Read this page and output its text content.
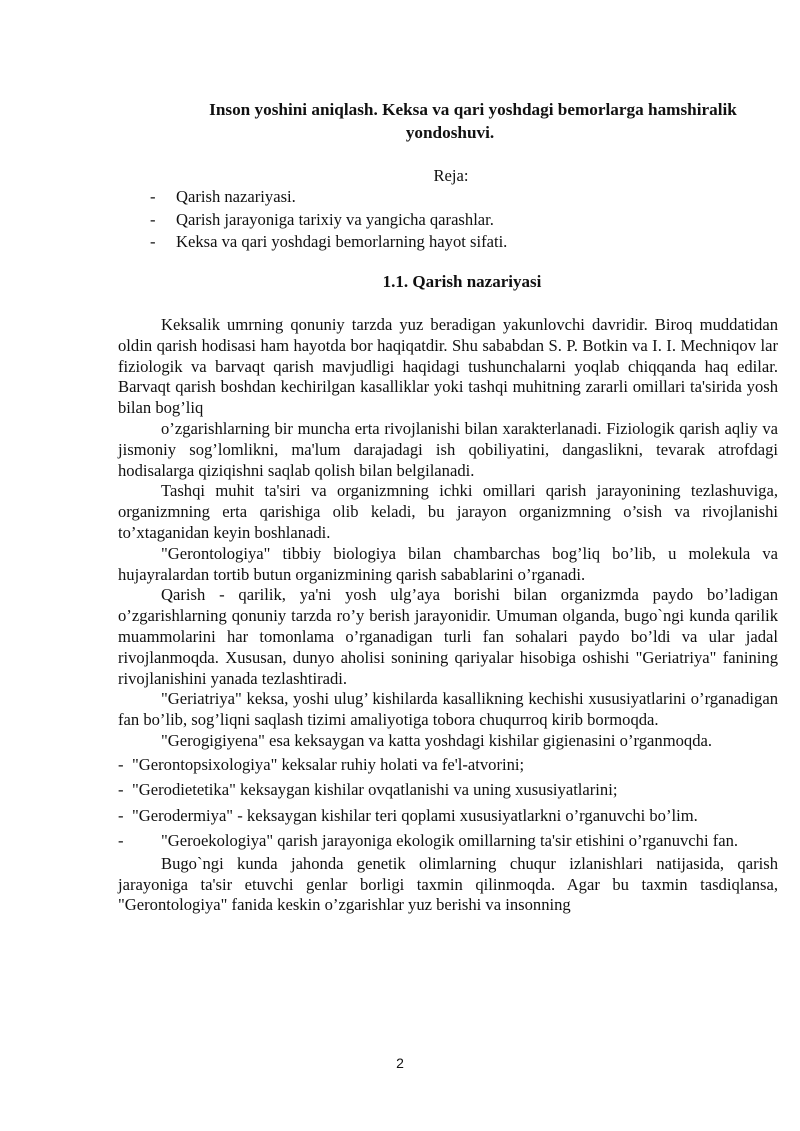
Inson yoshini aniqlash. Keksa va qari yoshdagi bemorlarga hamshiralik
yondoshuvi.
Reja:
- Qarish nazariyasi.
- Qarish jarayoniga tarixiy va yangicha qarashlar.
- Keksa va qari yoshdagi bemorlarning hayot sifati.
1.1. Qarish nazariyasi

Keksalik umrning qonuniy tarzda yuz beradigan yakunlovchi davridir. Biroq muddatidan oldin qarish hodisasi ham hayotda bor haqiqatdir. Shu sababdan S. P. Botkin va I. I. Mechniqov lar fiziologik va barvaqt qarish mavjudligi haqidagi tushunchalarni yoqlab chiqqanda haq edilar. Barvaqt qarish boshdan kechirilgan kasalliklar yoki tashqi muhitning zararli omillari ta'sirida yosh bilan bog’liq

o’zgarishlarning bir muncha erta rivojlanishi bilan xarakterlanadi. Fiziologik qarish aqliy va jismoniy sog’lomlikni, ma'lum darajadagi ish qobiliyatini, dangaslikni, tevarak atrofdagi hodisalarga qiziqishni saqlab qolish bilan belgilanadi.

Tashqi muhit ta'siri va organizmning ichki omillari qarish jarayonining tezlashuviga, organizmning erta qarishiga olib keladi, bu jarayon organizmning o’sish va rivojlanishi to’xtaganidan keyin boshlanadi.

"Gerontologiya" tibbiy biologiya bilan chambarchas bog’liq bo’lib, u molekula va hujayralardan tortib butun organizmining qarish sabablarini o’rganadi.

Qarish - qarilik, ya'ni yosh ulg’aya borishi bilan organizmda paydo bo’ladigan o’zgarishlarning qonuniy tarzda ro’y berish jarayonidir. Umuman olganda, bugo`ngi kunda qarilik muammolarini har tomonlama o’rganadigan turli fan sohalari paydo bo’ldi va ular jadal rivojlanmoqda. Xususan, dunyo aholisi sonining qariyalar hisobiga oshishi "Geriatriya" fanining rivojlanishini yanada tezlashtiradi.

"Geriatriya" keksa, yoshi ulug’ kishilarda kasallikning kechishi xususiyatlarini o’rganadigan fan bo’lib, sog’liqni saqlash tizimi amaliyotiga tobora chuqurroq kirib bormoqda.

"Gerogigiyena" esa keksaygan va katta yoshdagi kishilar gigienasini o’rganmoqda.

- "Gerontopsixologiya" keksalar ruhiy holati va fe'l-atvorini;

- "Gerodietetika" keksaygan kishilar ovqatlanishi va uning xususiyatlarini;

- "Gerodermiya" - keksaygan kishilar teri qoplami xususiyatlarkni o’rganuvchi bo’lim.

- "Geroekologiya" qarish jarayoniga ekologik omillarning ta'sir etishini o’rganuvchi fan.

Bugo`ngi kunda jahonda genetik olimlarning chuqur izlanishlari natijasida, qarish jarayoniga ta'sir etuvchi genlar borligi taxmin qilinmoqda. Agar bu taxmin tasdiqlansa, "Gerontologiya" fanida keskin o’zgarishlar yuz berishi va insonning

2
